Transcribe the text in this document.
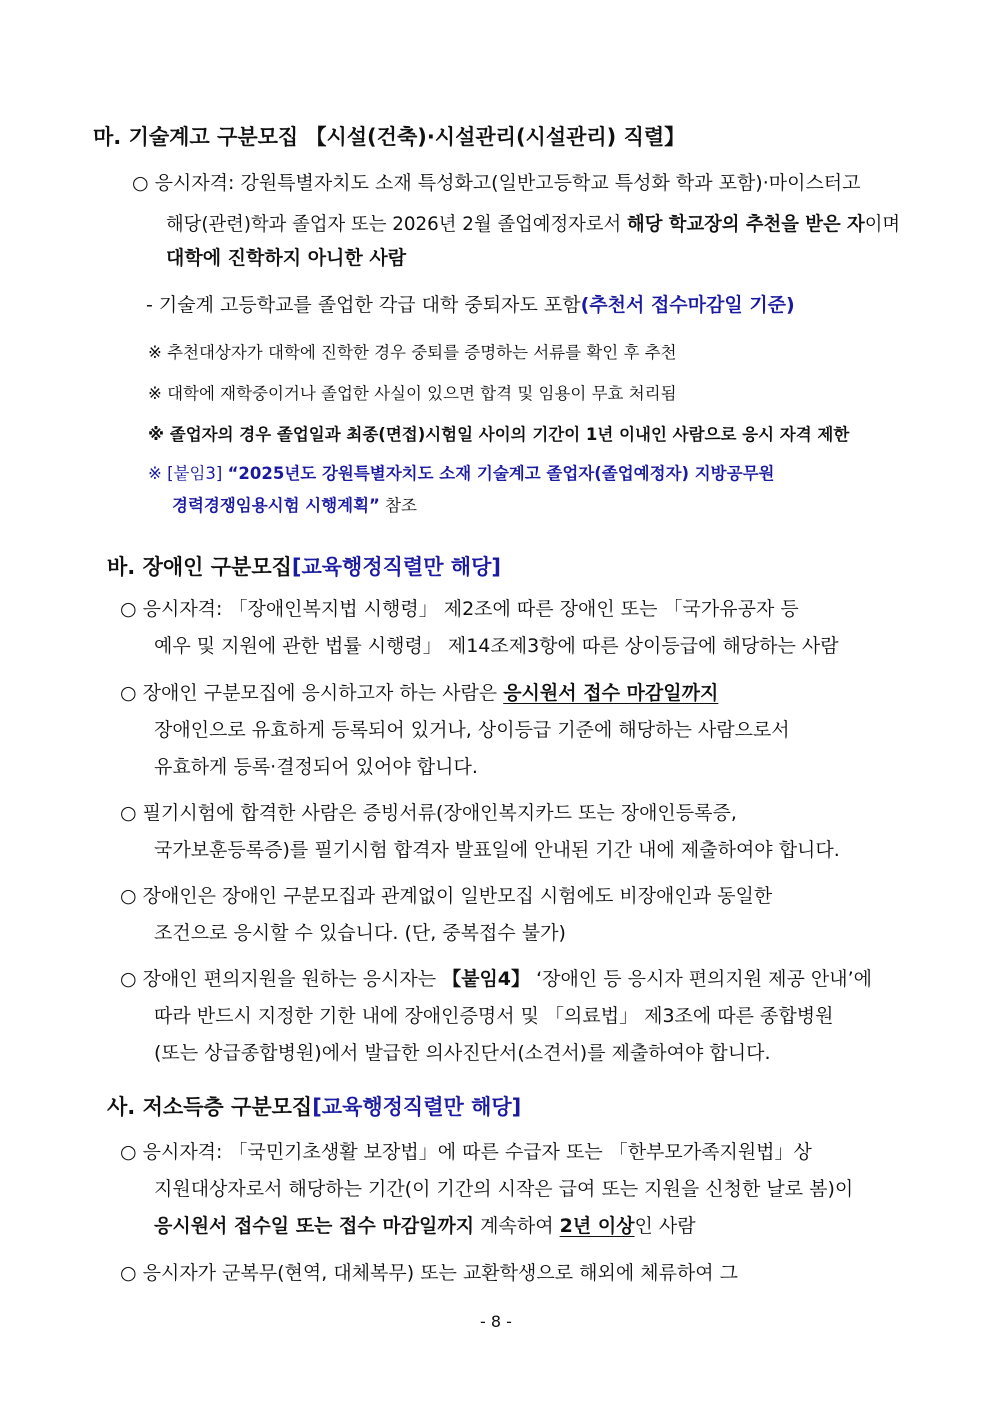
마. 기술계고 구분모집 【시설(건축)·시설관리(시설관리) 직렬】
○ 응시자격: 강원특별자치도 소재 특성화고(일반고등학교 특성화 학과 포함)·마이스터고
해당(관련)학과 졸업자 또는 2026년 2월 졸업예정자로서 해당 학교장의 추천을 받은 자이며
대학에 진학하지 아니한 사람
- 기술계 고등학교를 졸업한 각급 대학 중퇴자도 포함(추천서 접수마감일 기준)
※ 추천대상자가 대학에 진학한 경우 중퇴를 증명하는 서류를 확인 후 추천
※ 대학에 재학중이거나 졸업한 사실이 있으면 합격 및 임용이 무효 처리됨
※ 졸업자의 경우 졸업일과 최종(면접)시험일 사이의 기간이 1년 이내인 사람으로 응시 자격 제한
※ [붙임3] “2025년도 강원특별자치도 소재 기술계고 졸업자(졸업예정자) 지방공무원
경력경쟁임용시험 시행계획” 참조
바. 장애인 구분모집[교육행정직렬만 해당]
○ 응시자격: 「장애인복지법 시행령」 제2조에 따른 장애인 또는 「국가유공자 등
예우 및 지원에 관한 법률 시행령」 제14조제3항에 따른 상이등급에 해당하는 사람
○ 장애인 구분모집에 응시하고자 하는 사람은 응시원서 접수 마감일까지
장애인으로 유효하게 등록되어 있거나, 상이등급 기준에 해당하는 사람으로서
유효하게 등록·결정되어 있어야 합니다.
○ 필기시험에 합격한 사람은 증빙서류(장애인복지카드 또는 장애인등록증,
국가보훈등록증)를 필기시험 합격자 발표일에 안내된 기간 내에 제출하여야 합니다.
○ 장애인은 장애인 구분모집과 관계없이 일반모집 시험에도 비장애인과 동일한
조건으로 응시할 수 있습니다. (단, 중복접수 불가)
○ 장애인 편의지원을 원하는 응시자는 【붙임4】 ‘장애인 등 응시자 편의지원 제공 안내’에
따라 반드시 지정한 기한 내에 장애인증명서 및 「의료법」 제3조에 따른 종합병원
(또는 상급종합병원)에서 발급한 의사진단서(소견서)를 제출하여야 합니다.
사. 저소득층 구분모집[교육행정직렬만 해당]
○ 응시자격: 「국민기초생활 보장법」에 따른 수급자 또는 「한부모가족지원법」상
지원대상자로서 해당하는 기간(이 기간의 시작은 급여 또는 지원을 신청한 날로 봄)이
응시원서 접수일 또는 접수 마감일까지 계속하여 2년 이상인 사람
○ 응시자가 군복무(현역, 대체복무) 또는 교환학생으로 해외에 체류하여 그
- 8 -
